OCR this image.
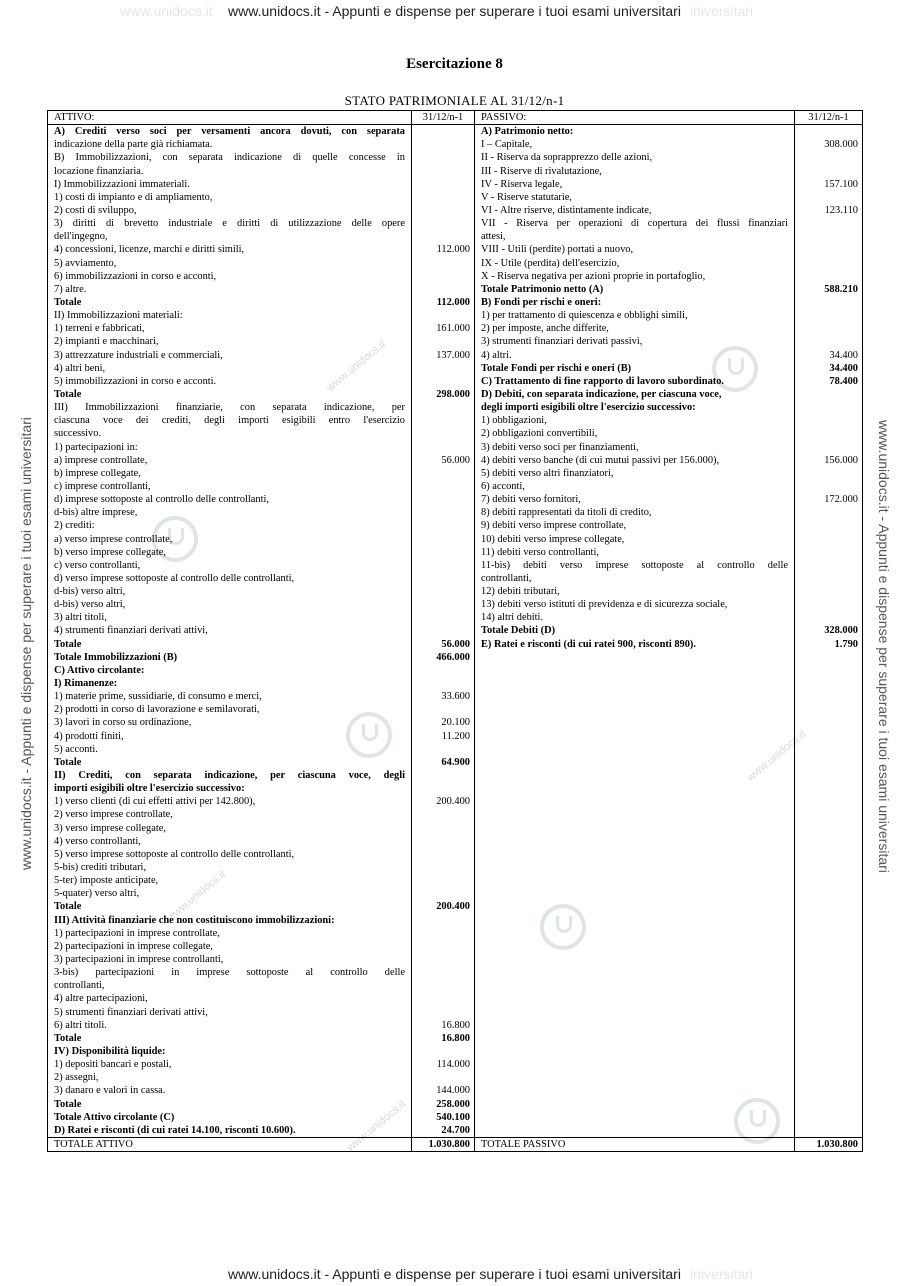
www.unidocs.it - Appunti e dispense per superare i tuoi esami universitari
www.unidocs.it	iniversitari
www.unidocs.it - Appunti e dispense per superare i tuoi esami universitari iniversitari
www.unidocs.it - Appunti e dispense per superare i tuoi esami universitari	www.unidocs.it - Appunti e dispense per superare i tuoi esami universitari
www.unidocs.it
www.unidocs.it
www.unidocs.it
www.unidocs.it
Esercitazione 8
STATO PATRIMONIALE AL 31/12/n-1
ATTIVO:	31/12/n-1	PASSIVO:	31/12/n-1
A) Crediti verso soci per versamenti ancora dovuti, con separata		A) Patrimonio netto:	
indicazione della parte già richiamata.		I – Capitale,	308.000
B) Immobilizzazioni, con separata indicazione di quelle concesse in		II - Riserva da soprapprezzo delle azioni,	
locazione finanziaria.		III - Riserve di rivalutazione,	
I) Immobilizzazioni immateriali.		IV - Riserva legale,	157.100
1) costi di impianto e di ampliamento,		V - Riserve statutarie,	
2) costi di sviluppo,		VI - Altre riserve, distintamente indicate,	123.110
3) diritti di brevetto industriale e diritti di utilizzazione delle opere		VII - Riserva per operazioni di copertura dei flussi finanziari	
dell'ingegno,		attesi,	
4) concessioni, licenze, marchi e diritti simili,	112.000	VIII - Utili (perdite) portati a nuovo,	
5) avviamento,		IX - Utile (perdita) dell'esercizio,	
6) immobilizzazioni in corso e acconti,		X - Riserva negativa per azioni proprie in portafoglio,	
7) altre.		Totale Patrimonio netto (A)	588.210
Totale	112.000	B) Fondi per rischi e oneri:	
II) Immobilizzazioni materiali:		1) per trattamento di quiescenza e obblighi simili,	
1) terreni e fabbricati,	161.000	2) per imposte, anche differite,	
2) impianti e macchinari,		3) strumenti finanziari derivati passivi,	
3) attrezzature industriali e commerciali,	137.000	4) altri.	34.400
4) altri beni,		Totale Fondi per rischi e oneri (B)	34.400
5) immobilizzazioni in corso e acconti.		C) Trattamento di fine rapporto di lavoro subordinato.	78.400
Totale	298.000	D) Debiti, con separata indicazione, per ciascuna voce,	
III) Immobilizzazioni finanziarie, con separata indicazione, per		degli importi esigibili oltre l'esercizio successivo:	
ciascuna voce dei crediti, degli importi esigibili entro l'esercizio		1) obbligazioni,	
successivo.		2) obbligazioni convertibili,	
1) partecipazioni in:		3) debiti verso soci per finanziamenti,	
a) imprese controllate,	56.000	4) debiti verso banche (di cui mutui passivi per 156.000),	156.000
b) imprese collegate,		5) debiti verso altri finanziatori,	
c) imprese controllanti,		6) acconti,	
d) imprese sottoposte al controllo delle controllanti,		7) debiti verso fornitori,	172.000
d-bis) altre imprese,		8) debiti rappresentati da titoli di credito,	
2) crediti:		9) debiti verso imprese controllate,	
a) verso imprese controllate,		10) debiti verso imprese collegate,	
b) verso imprese collegate,		11) debiti verso controllanti,	
c) verso controllanti,		11-bis) debiti verso imprese sottoposte al controllo delle	
d) verso imprese sottoposte al controllo delle controllanti,		controllanti,	
d-bis) verso altri,		12) debiti tributari,	
d-bis) verso altri,		13) debiti verso istituti di previdenza e di sicurezza sociale,	
3) altri titoli,		14) altri debiti.	
4) strumenti finanziari derivati attivi,		Totale Debiti (D)	328.000
Totale	56.000	E) Ratei e risconti (di cui ratei 900, risconti 890).	1.790
Totale Immobilizzazioni (B)	466.000		
C) Attivo circolante:			
I) Rimanenze:			
1) materie prime, sussidiarie, di consumo e merci,	33.600		
2) prodotti in corso di lavorazione e semilavorati,			
3) lavori in corso su ordinazione,	20.100		
4) prodotti finiti,	11.200		
5) acconti.			
Totale	64.900		
II) Crediti, con separata indicazione, per ciascuna voce, degli			
importi esigibili oltre l'esercizio successivo:			
1) verso clienti (di cui effetti attivi per 142.800),	200.400		
2) verso imprese controllate,			
3) verso imprese collegate,			
4) verso controllanti,			
5) verso imprese sottoposte al controllo delle controllanti,			
5-bis) crediti tributari,			
5-ter) imposte anticipate,			
5-quater) verso altri,			
Totale	200.400		
III) Attività finanziarie che non costituiscono immobilizzazioni:			
1) partecipazioni in imprese controllate,			
2) partecipazioni in imprese collegate,			
3) partecipazioni in imprese controllanti,			
3-bis) partecipazioni in imprese sottoposte al controllo delle			
controllanti,			
4) altre partecipazioni,			
5) strumenti finanziari derivati attivi,			
6) altri titoli.	16.800		
Totale	16.800		
IV) Disponibilità liquide:			
1) depositi bancari e postali,	114.000		
2) assegni,			
3) danaro e valori in cassa.	144.000		
Totale	258.000		
Totale Attivo circolante (C)	540.100		
D) Ratei e risconti (di cui ratei 14.100, risconti 10.600).	24.700		
TOTALE ATTIVO	1.030.800	TOTALE PASSIVO	1.030.800
